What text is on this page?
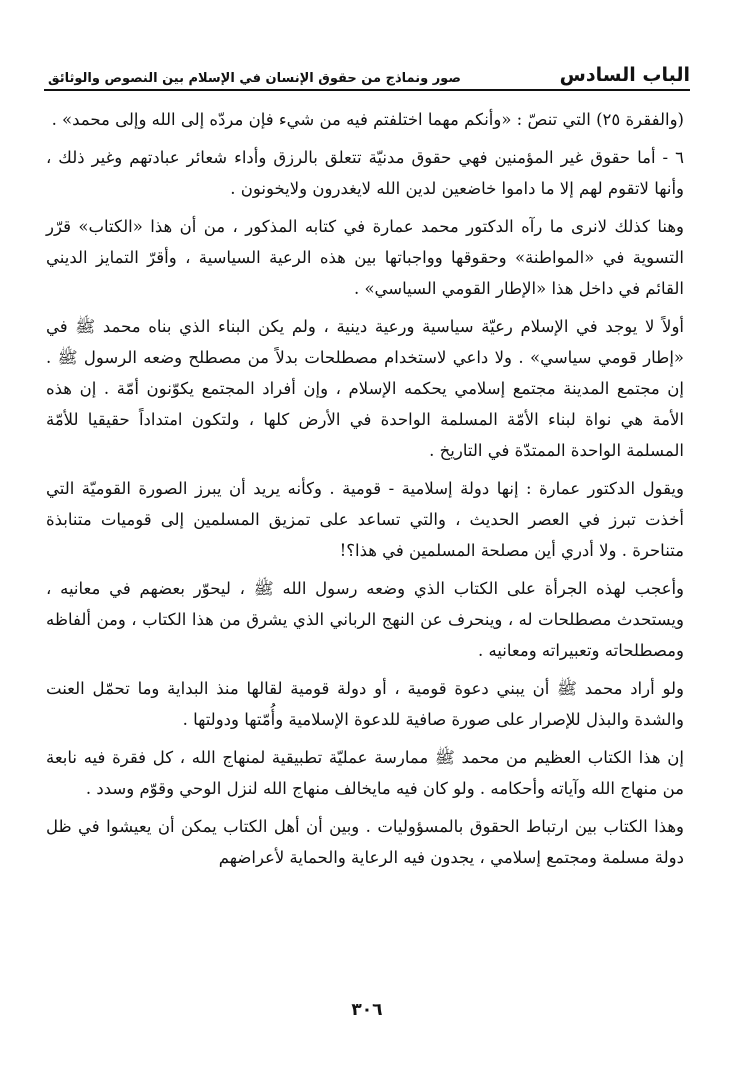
الباب السادس
صور ونماذج من حقوق الإنسان في الإسلام بين النصوص والوثائق

(والفقرة ٢٥) التي تنصّ : «وأنكم مهما اختلفتم فيه من شيء فإن مردّه إلى الله وإلى محمد» .

٦ - أما حقوق غير المؤمنين فهي حقوق مدنيّة تتعلق بالرزق وأداء شعائر عبادتهم وغير ذلك ، وأنها لاتقوم لهم إلا ما داموا خاضعين لدين الله لايغدرون ولايخونون .

وهنا كذلك لانرى ما رآه الدكتور محمد عمارة في كتابه المذكور ، من أن هذا «الكتاب» قرّر التسوية في «المواطنة» وحقوقها وواجباتها بين هذه الرعية السياسية ، وأقرّ التمايز الديني القائم في داخل هذا «الإطار القومي السياسي» .

أولاً لا يوجد في الإسلام رعيّة سياسية ورعية دينية ، ولم يكن البناء الذي بناه محمد ﷺ في «إطار قومي سياسي» . ولا داعي لاستخدام مصطلحات بدلاً من مصطلح وضعه الرسول ﷺ . إن مجتمع المدينة مجتمع إسلامي يحكمه الإسلام ، وإن أفراد المجتمع يكوّنون أمّة . إن هذه الأمة هي نواة لبناء الأمّة المسلمة الواحدة في الأرض كلها ، ولتكون امتداداً حقيقيا للأمّة المسلمة الواحدة الممتدّة في التاريخ .

ويقول الدكتور عمارة : إنها دولة إسلامية - قومية . وكأنه يريد أن يبرز الصورة القوميّة التي أخذت تبرز في العصر الحديث ، والتي تساعد على تمزيق المسلمين إلى قوميات متنابذة متناحرة . ولا أدري أين مصلحة المسلمين في هذا؟!

وأعجب لهذه الجرأة على الكتاب الذي وضعه رسول الله ﷺ ، ليحوّر بعضهم في معانيه ، ويستحدث مصطلحات له ، وينحرف عن النهج الرباني الذي يشرق من هذا الكتاب ، ومن ألفاظه ومصطلحاته وتعبيراته ومعانيه .

ولو أراد محمد ﷺ أن يبني دعوة قومية ، أو دولة قومية لقالها منذ البداية وما تحمّل العنت والشدة والبذل للإصرار على صورة صافية للدعوة الإسلامية وأُمّتها ودولتها .

إن هذا الكتاب العظيم من محمد ﷺ ممارسة عمليّة تطبيقية لمنهاج الله ، كل فقرة فيه نابعة من منهاج الله وآياته وأحكامه . ولو كان فيه مايخالف منهاج الله لنزل الوحي وقوّم وسدد .

وهذا الكتاب بين ارتباط الحقوق بالمسؤوليات . وبين أن أهل الكتاب يمكن أن يعيشوا في ظل دولة مسلمة ومجتمع إسلامي ، يجدون فيه الرعاية والحماية لأعراضهم

٣٠٦
